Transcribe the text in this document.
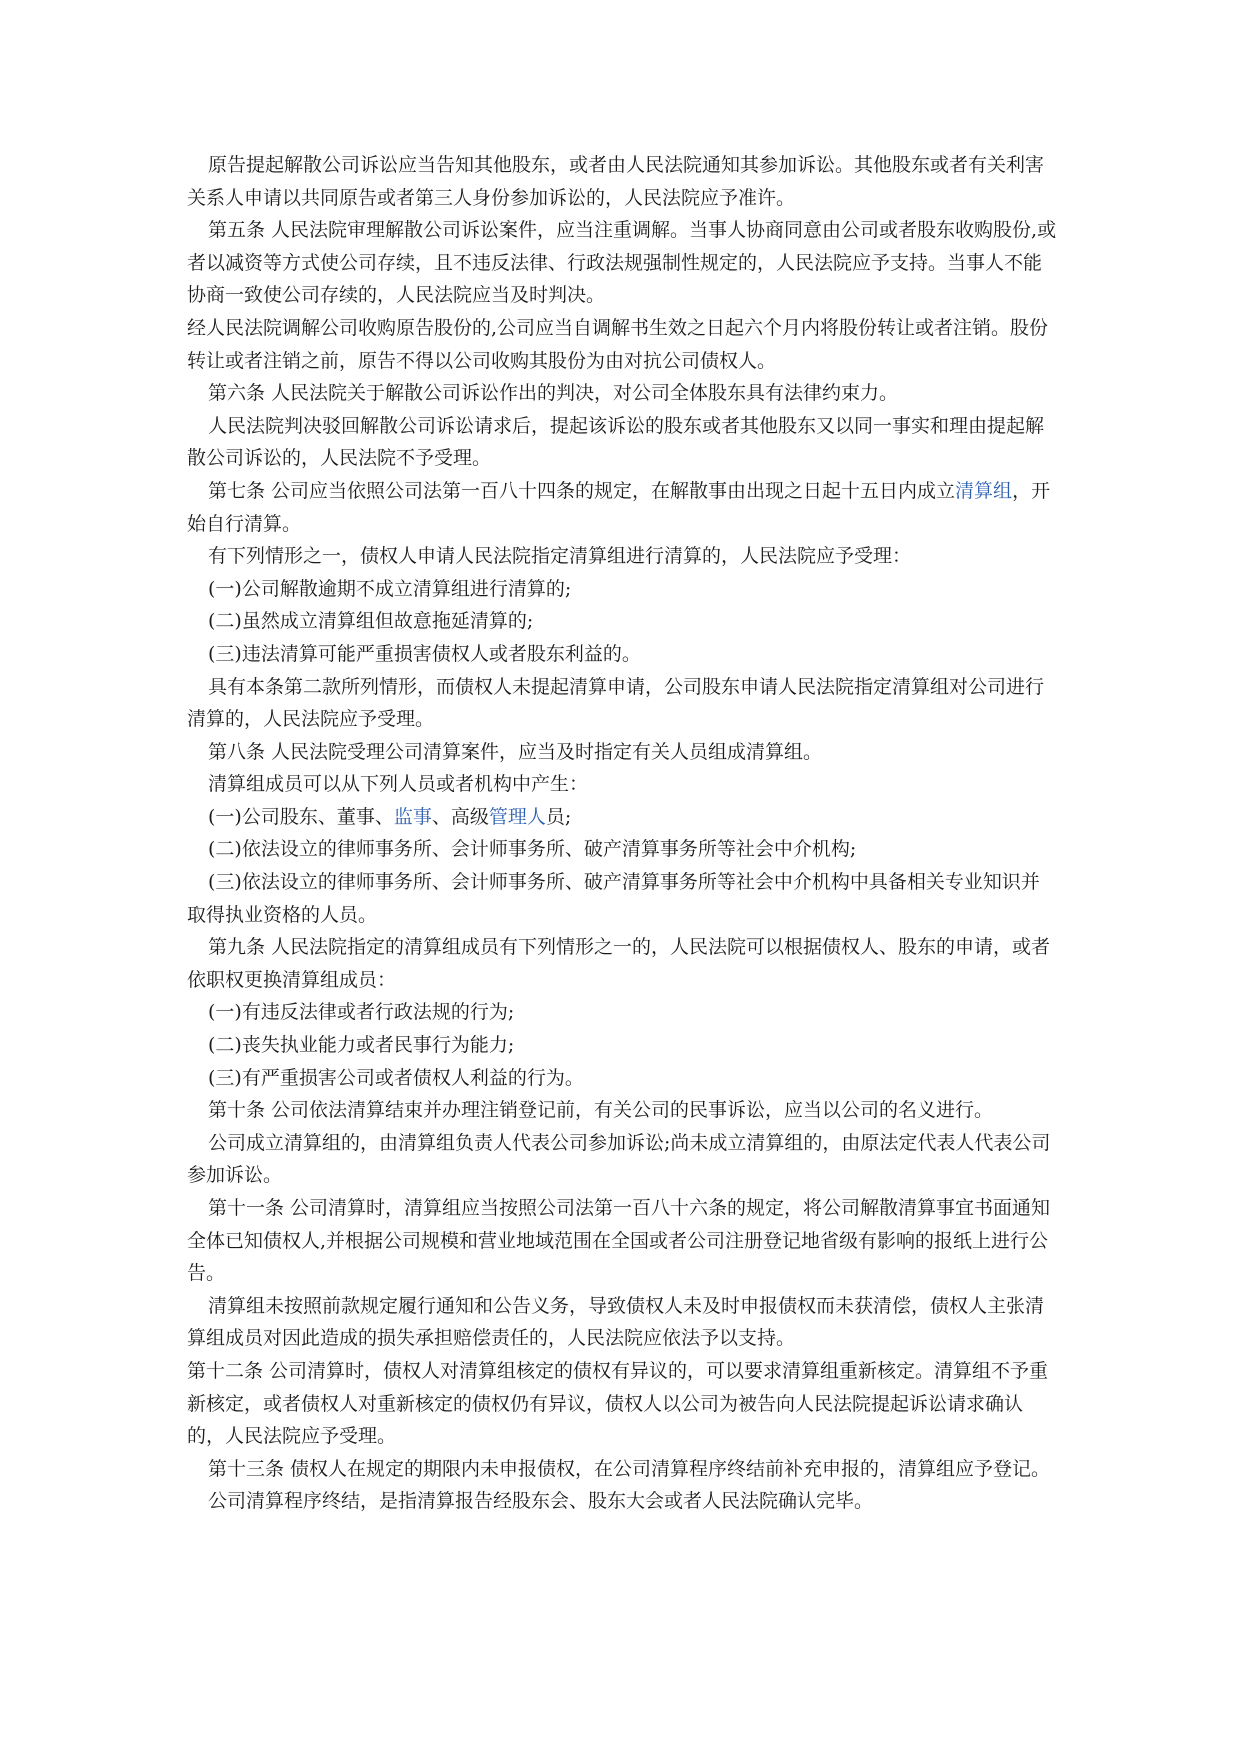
原告提起解散公司诉讼应当告知其他股东，或者由人民法院通知其参加诉讼。其他股东或者有关利害关系人申请以共同原告或者第三人身份参加诉讼的，人民法院应予准许。

第五条 人民法院审理解散公司诉讼案件，应当注重调解。当事人协商同意由公司或者股东收购股份,或者以减资等方式使公司存续，且不违反法律、行政法规强制性规定的，人民法院应予支持。当事人不能协商一致使公司存续的，人民法院应当及时判决。

经人民法院调解公司收购原告股份的,公司应当自调解书生效之日起六个月内将股份转让或者注销。股份转让或者注销之前，原告不得以公司收购其股份为由对抗公司债权人。

第六条 人民法院关于解散公司诉讼作出的判决，对公司全体股东具有法律约束力。

人民法院判决驳回解散公司诉讼请求后，提起该诉讼的股东或者其他股东又以同一事实和理由提起解散公司诉讼的，人民法院不予受理。

第七条 公司应当依照公司法第一百八十四条的规定，在解散事由出现之日起十五日内成立清算组，开始自行清算。

有下列情形之一，债权人申请人民法院指定清算组进行清算的，人民法院应予受理：

(一)公司解散逾期不成立清算组进行清算的;

(二)虽然成立清算组但故意拖延清算的;

(三)违法清算可能严重损害债权人或者股东利益的。

具有本条第二款所列情形，而债权人未提起清算申请，公司股东申请人民法院指定清算组对公司进行清算的，人民法院应予受理。

第八条 人民法院受理公司清算案件，应当及时指定有关人员组成清算组。

清算组成员可以从下列人员或者机构中产生：

(一)公司股东、董事、监事、高级管理人员;

(二)依法设立的律师事务所、会计师事务所、破产清算事务所等社会中介机构;

(三)依法设立的律师事务所、会计师事务所、破产清算事务所等社会中介机构中具备相关专业知识并取得执业资格的人员。

第九条 人民法院指定的清算组成员有下列情形之一的，人民法院可以根据债权人、股东的申请，或者依职权更换清算组成员：

(一)有违反法律或者行政法规的行为;

(二)丧失执业能力或者民事行为能力;

(三)有严重损害公司或者债权人利益的行为。

第十条 公司依法清算结束并办理注销登记前，有关公司的民事诉讼，应当以公司的名义进行。

公司成立清算组的，由清算组负责人代表公司参加诉讼;尚未成立清算组的，由原法定代表人代表公司参加诉讼。

第十一条 公司清算时，清算组应当按照公司法第一百八十六条的规定，将公司解散清算事宜书面通知全体已知债权人,并根据公司规模和营业地域范围在全国或者公司注册登记地省级有影响的报纸上进行公告。

清算组未按照前款规定履行通知和公告义务，导致债权人未及时申报债权而未获清偿，债权人主张清算组成员对因此造成的损失承担赔偿责任的，人民法院应依法予以支持。

第十二条 公司清算时，债权人对清算组核定的债权有异议的，可以要求清算组重新核定。清算组不予重新核定，或者债权人对重新核定的债权仍有异议，债权人以公司为被告向人民法院提起诉讼请求确认的，人民法院应予受理。

第十三条 债权人在规定的期限内未申报债权，在公司清算程序终结前补充申报的，清算组应予登记。

公司清算程序终结，是指清算报告经股东会、股东大会或者人民法院确认完毕。
